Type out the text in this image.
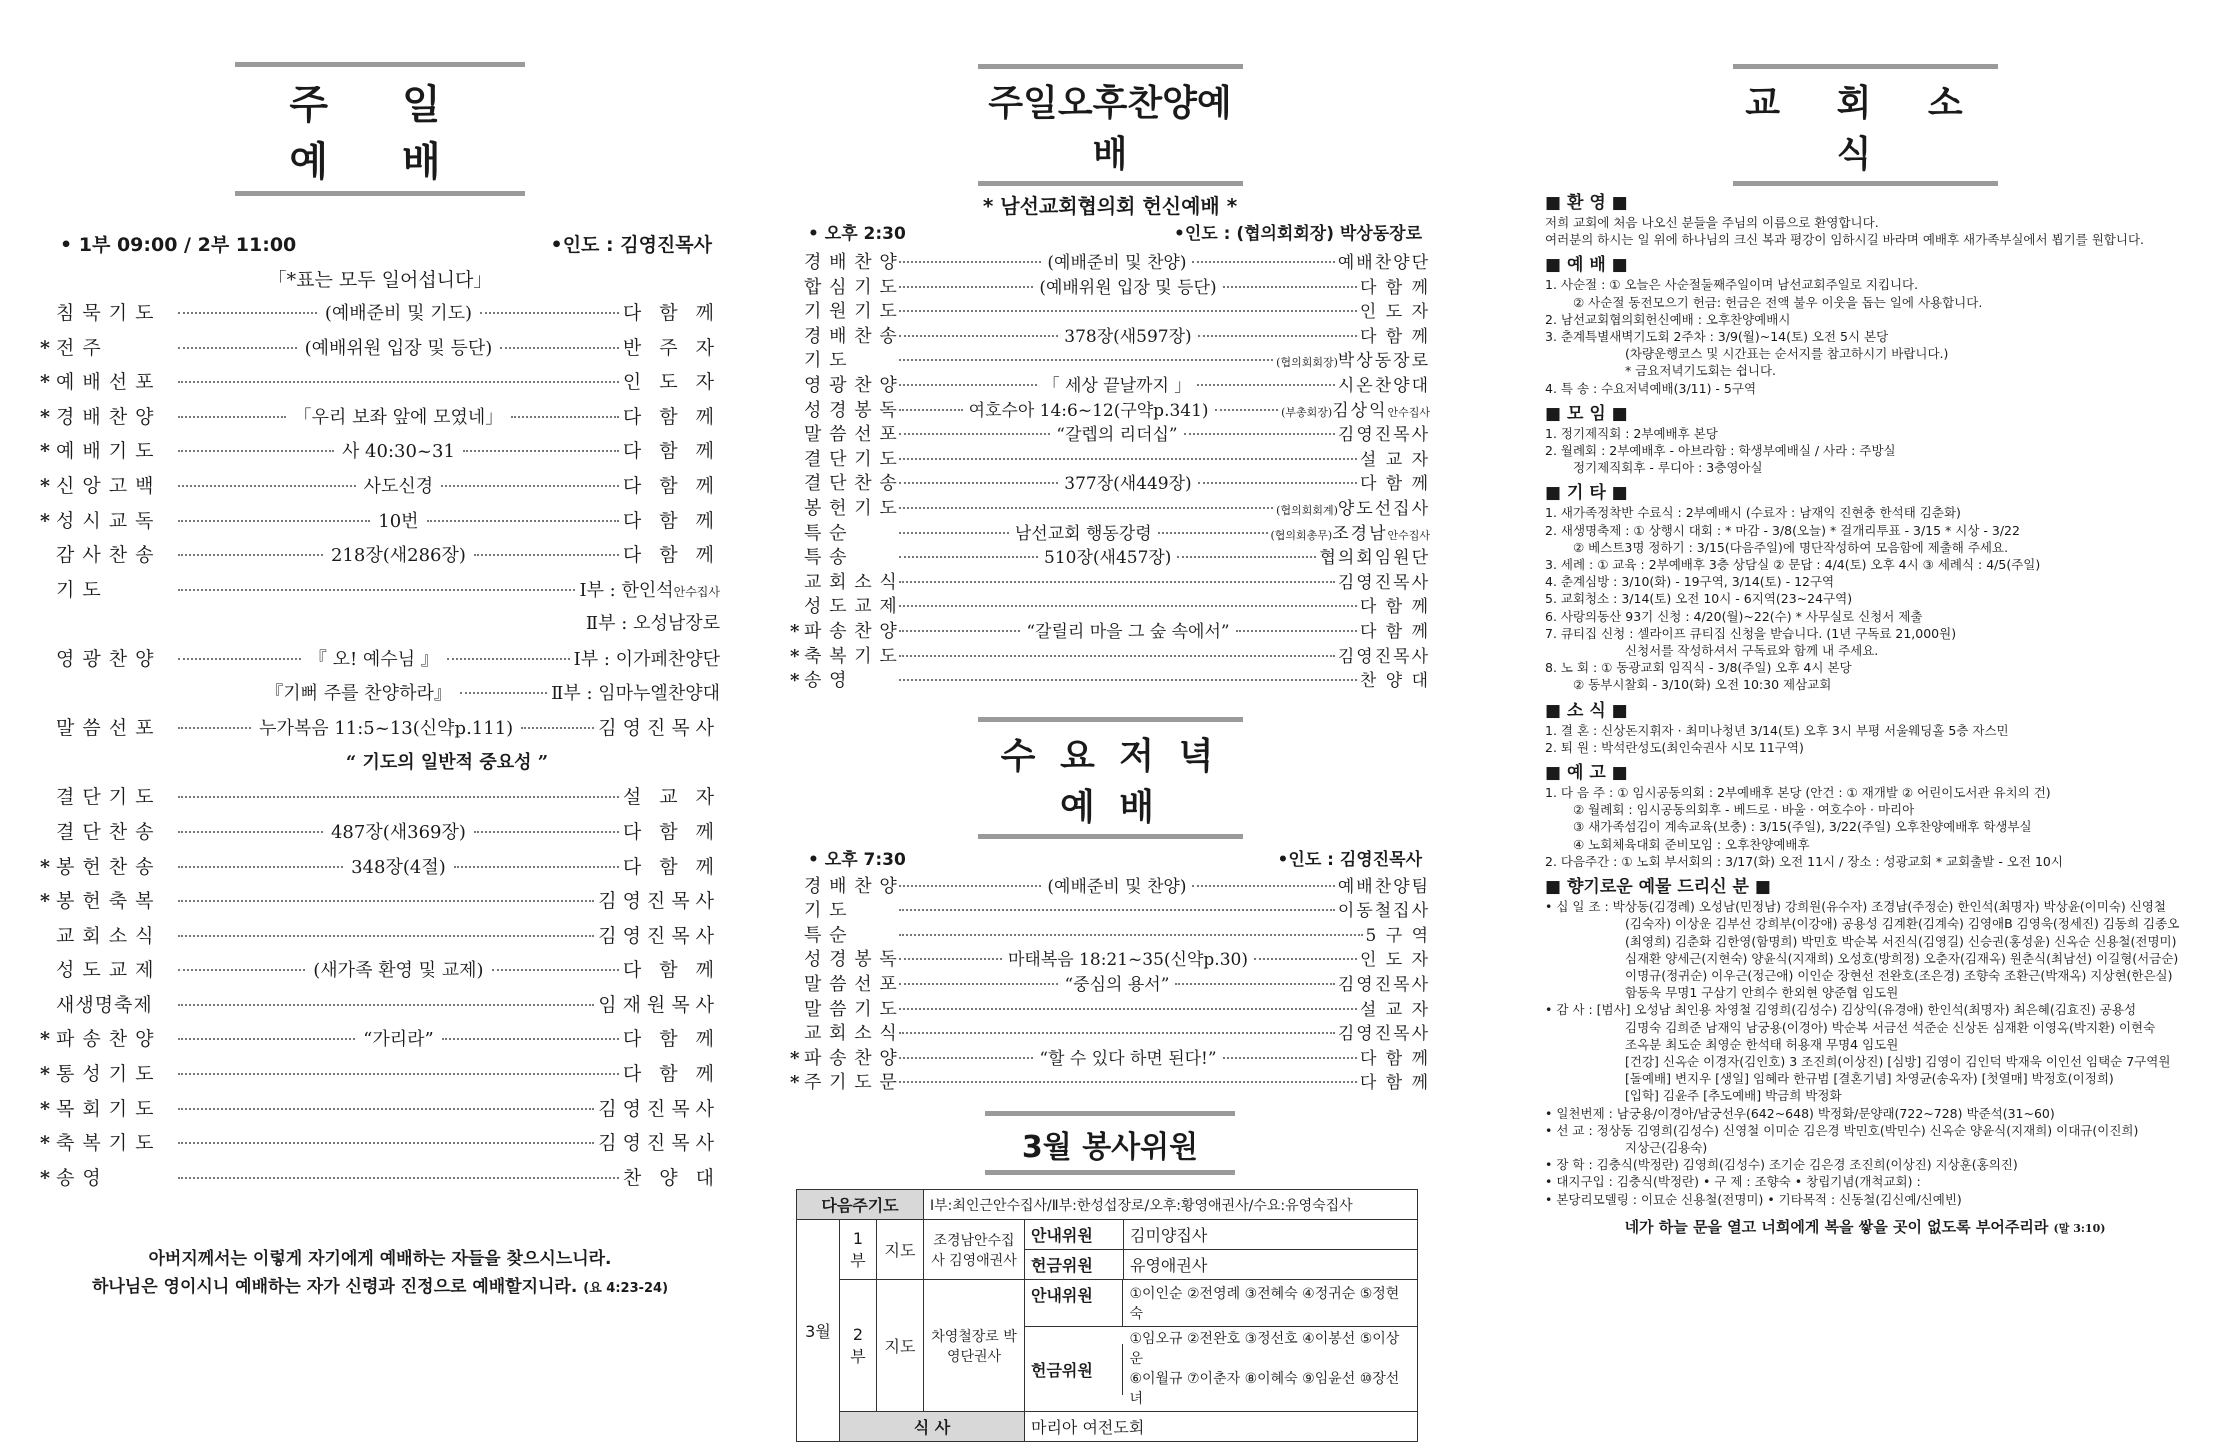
주 일 예 배
• 1부 09:00 / 2부 11:00	•인도 : 김영진목사
「*표는 모두 일어섭니다」
침 묵 기 도	(예배준비 및 기도)	다 함 께
* 전 주	(예배위원 입장 및 등단)	반 주 자
* 예 배 선 포	인 도 자
* 경 배 찬 양	「우리 보좌 앞에 모였네」	다 함 께
* 예 배 기 도	사 40:30~31	다 함 께
* 신 앙 고 백	사도신경	다 함 께
* 성 시 교 독	10번	다 함 께
감 사 찬 송	218장(새286장)	다 함 께
기 도	Ⅰ부 : 한인석 안수집사
Ⅱ부 : 오성남장로
영 광 찬 양	『 오! 예수님 』	Ⅰ부 : 이가페찬양단
『기뻐 주를 찬양하라』	Ⅱ부 : 임마누엘찬양대
말 씀 선 포	누가복음 11:5~13(신약p.111)	김영진목사
“ 기도의 일반적 중요성 ”
결 단 기 도	설 교 자
결 단 찬 송	487장(새369장)	다 함 께
* 봉 헌 찬 송	348장(4절)	다 함 께
* 봉 헌 축 복	김영진목사
교 회 소 식	김영진목사
성 도 교 제	(새가족 환영 및 교제)	다 함 께
새생명축제	임재원목사
* 파 송 찬 양	“가리라”	다 함 께
* 통 성 기 도	다 함 께
* 목 회 기 도	김영진목사
* 축 복 기 도	김영진목사
* 송 영	찬 양 대
아버지께서는 이렇게 자기에게 예배하는 자들을 찾으시느니라.
하나님은 영이시니 예배하는 자가 신령과 진정으로 예배할지니라. (요 4:23-24)
주일오후찬양예배
* 남선교회협의회 헌신예배 *
• 오후 2:30	•인도 : (협의회회장) 박상동장로
경 배 찬 양	(예배준비 및 찬양)	예배찬양단
합 심 기 도	(예배위원 입장 및 등단)	다 함 께
기 원 기 도	인 도 자
경 배 찬 송	378장(새597장)	다 함 께
기 도	(협의회회장) 박상동장로
영 광 찬 양	「 세상 끝날까지 」	시온찬양대
성 경 봉 독	여호수아 14:6~12(구약p.341)	(부총회장) 김상익 안수집사
말 씀 선 포	“갈렙의 리더십”	김영진목사
결 단 기 도	설 교 자
결 단 찬 송	377장(새449장)	다 함 께
봉 헌 기 도	(협의회회계) 양도선집사
특 순	남선교회 행동강령	(협의회총무) 조경남 안수집사
특 송	510장(새457장)	협의회임원단
교 회 소 식	김영진목사
성 도 교 제	다 함 께
* 파 송 찬 양	“갈릴리 마을 그 숲 속에서”	다 함 께
* 축 복 기 도	김영진목사
* 송 영	찬 양 대
수 요 저 녁 예 배
• 오후 7:30	•인도 : 김영진목사
경 배 찬 양	(예배준비 및 찬양)	예배찬양팀
기 도	이동철집사
특 순	5 구 역
성 경 봉 독	마태복음 18:21~35(신약p.30)	인 도 자
말 씀 선 포	“중심의 용서”	김영진목사
말 씀 기 도	설 교 자
교 회 소 식	김영진목사
* 파 송 찬 양	“할 수 있다 하면 된다!”	다 함 께
* 주 기 도 문	다 함 께
3월 봉사위원
다음주기도			Ⅰ부:최인근안수집사/Ⅱ부:한성섭장로/오후:황영애권사/수요:유영숙집사	
3월	1부	지도	조경남안수집사 김영애권사	안내위원 김미양집사

				헌금위원 유영애권사

	2부	지도	차영철장로 박영단권사	안내위원 ①이인순 ②전영례 ③전혜숙 ④정귀순 ⑤정현숙

				헌금위원
①임오규 ②전완호 ③정선호 ④이봉선 ⑤이상운
⑥이월규 ⑦이춘자 ⑧이혜숙 ⑨임윤선 ⑩장선녀

	식 사			마리아 여전도회
교 회 소 식
■ 환 영 ■
저희 교회에 처음 나오신 분들을 주님의 이름으로 환영합니다.
여러분의 하시는 일 위에 하나님의 크신 복과 평강이 임하시길 바라며 예배후 새가족부실에서 뵙기를 원합니다.
■ 예 배 ■
1. 사순절 : ① 오늘은 사순절둘째주일이며 남선교회주일로 지킵니다.
② 사순절 동전모으기 헌금: 헌금은 전액 불우 이웃을 돕는 일에 사용합니다.
2. 남선교회협의회헌신예배 : 오후찬양예배시
3. 춘계특별새벽기도회 2주차 : 3/9(월)~14(토) 오전 5시 본당
(차량운행코스 및 시간표는 순서지를 참고하시기 바랍니다.)
* 금요저녁기도회는 쉽니다.
4. 특 송 : 수요저녁예배(3/11) - 5구역
■ 모 임 ■
1. 정기제직회 : 2부예배후 본당
2. 월례회 : 2부예배후 - 아브라함 : 학생부예배실 / 사라 : 주방실
정기제직회후 - 루디아 : 3층영아실
■ 기 타 ■
1. 새가족정착반 수료식 : 2부예배시 (수료자 : 남재익 진현충 한석태 김춘화)
2. 새생명축제 : ① 상행시 대회 : * 마감 - 3/8(오늘) * 걸개리투표 - 3/15 * 시상 - 3/22
② 베스트3명 정하기 : 3/15(다음주일)에 명단작성하여 모음함에 제출해 주세요.
3. 세례 : ① 교육 : 2부예배후 3층 상담실 ② 문답 : 4/4(토) 오후 4시 ③ 세례식 : 4/5(주일)
4. 춘계심방 : 3/10(화) - 19구역, 3/14(토) - 12구역
5. 교회청소 : 3/14(토) 오전 10시 - 6지역(23~24구역)
6. 사랑의동산 93기 신청 : 4/20(월)~22(수) * 사무실로 신청서 제출
7. 큐티집 신청 : 셀라이프 큐티집 신청을 받습니다. (1년 구독료 21,000원)
신청서를 작성하셔서 구독료와 함께 내 주세요.
8. 노 회 : ① 동광교회 임직식 - 3/8(주일) 오후 4시 본당
② 동부시찰회 - 3/10(화) 오전 10:30 제삼교회
■ 소 식 ■
1. 결 혼 : 신상돈지휘자 · 최미나청년 3/14(토) 오후 3시 부평 서울웨딩홀 5층 자스민
2. 퇴 원 : 박석란성도(최인숙권사 시모 11구역)
■ 예 고 ■
1. 다 음 주 : ① 임시공동의회 : 2부예배후 본당 (안건 : ① 재개발 ② 어린이도서관 유치의 건)
② 월례회 : 임시공동의회후 - 베드로 · 바울 · 여호수아 · 마리아
③ 새가족섬김이 계속교육(보충) : 3/15(주일), 3/22(주일) 오후찬양예배후 학생부실
④ 노회체육대회 준비모임 : 오후찬양예배후
2. 다음주간 : ① 노회 부서회의 : 3/17(화) 오전 11시 / 장소 : 성광교회 * 교회출발 - 오전 10시
■ 향기로운 예물 드리신 분 ■
• 십 일 조 : 박상동(김경례) 오성남(민정남) 강희원(유수자) 조경남(주정순) 한인석(최명자) 박상윤(이미숙) 신영철
(김숙자) 이상운 김부선 강희부(이강애) 공용성 김계환(김계숙) 김영애B 김영욱(정세진) 김동희 김종오
(최영희) 김춘화 김한영(함명희) 박민호 박순복 서진식(김영길) 신승권(홍성윤) 신옥순 신용철(전명미)
심재환 양세근(지현숙) 양윤식(지재희) 오성호(방희정) 오춘자(김재옥) 원춘식(최남선) 이길형(서금순)
이명규(정귀순) 이우근(정근애) 이인순 장현선 전완호(조은경) 조향숙 조환근(박재옥) 지상현(한은실)
함동욱 무명1 구삼기 안희수 한외현 양준협 임도원
• 감 사 : [범사] 오성남 최인용 차영철 김영희(김성수) 김상익(유경애) 한인석(최명자) 최은혜(김효진) 공용성
김명숙 김희준 남재익 남궁용(이경아) 박순복 서금선 석준순 신상돈 심재환 이영옥(박지환) 이현숙
조옥분 최도순 최영순 한석태 허용재 무명4 임도원
[건강] 신옥순 이경자(김인호) 3 조진희(이상진) [심방] 김영이 김인덕 박재욱 이인선 임택순 7구역원
[돌예배] 변지우 [생일] 임혜라 한규범 [결혼기념] 차영균(송옥자) [첫열매] 박정호(이정희)
[입학] 김윤주 [추도예배] 박금희 박정화
• 일천번제 : 남궁용/이경아/남궁선우(642~648) 박정화/문양래(722~728) 박준석(31~60)
• 선 교 : 정상동 김영희(김성수) 신영철 이미순 김은경 박민호(박민수) 신옥순 양윤식(지재희) 이대규(이진희)
지상근(김용숙)
• 장 학 : 김충식(박정란) 김영희(김성수) 조기순 김은경 조진희(이상진) 지상훈(홍의진)
• 대지구입 : 김충식(박정란) • 구 제 : 조향숙 • 창립기념(개척교회) :
• 본당리모델링 : 이묘순 신용철(전명미) • 기타목적 : 신동철(김신예/신예빈)
네가 하늘 문을 열고 너희에게 복을 쌓을 곳이 없도록 부어주리라 (말 3:10)
